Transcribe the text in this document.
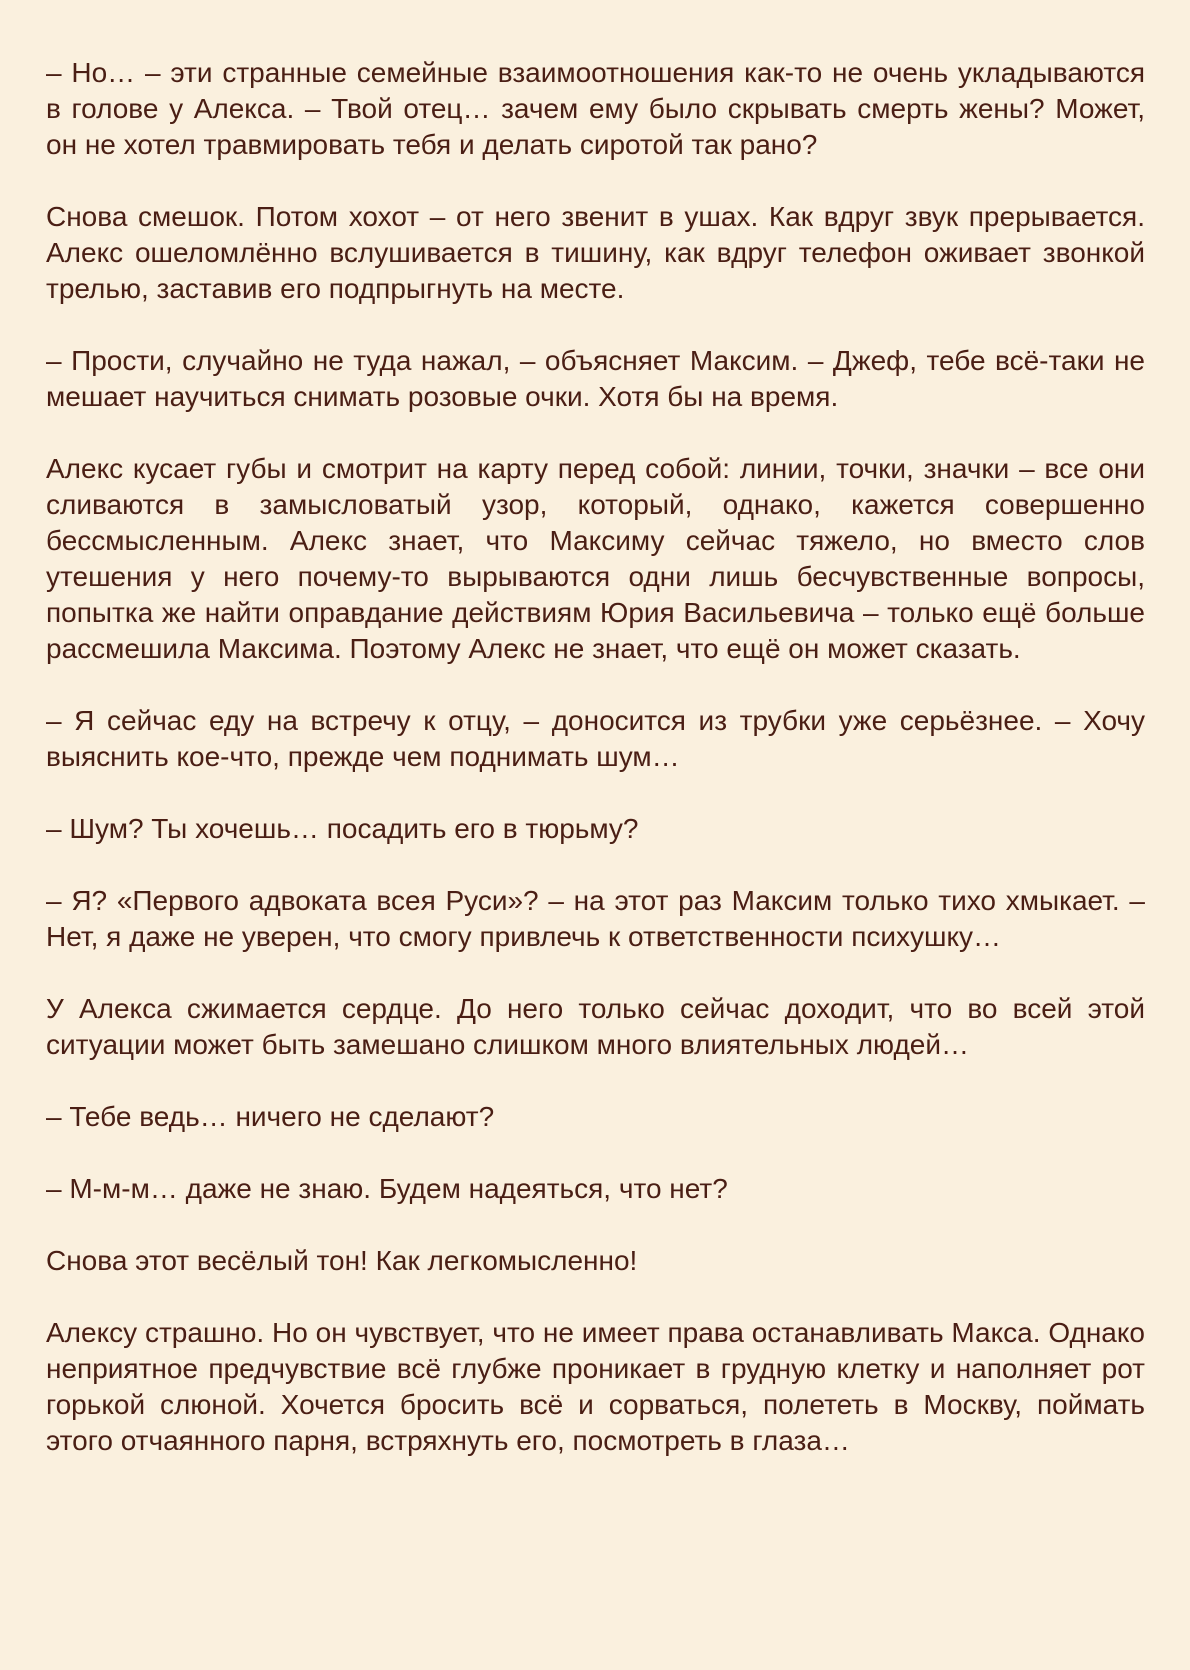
– Но… – эти странные семейные взаимоотношения как-то не очень укладываются в голове у Алекса. – Твой отец… зачем ему было скрывать смерть жены? Может, он не хотел травмировать тебя и делать сиротой так рано?

Снова смешок. Потом хохот – от него звенит в ушах. Как вдруг звук прерывается. Алекс ошеломлённо вслушивается в тишину, как вдруг телефон оживает звонкой трелью, заставив его подпрыгнуть на месте.

– Прости, случайно не туда нажал, – объясняет Максим. – Джеф, тебе всё-таки не мешает научиться снимать розовые очки. Хотя бы на время.

Алекс кусает губы и смотрит на карту перед собой: линии, точки, значки – все они сливаются в замысловатый узор, который, однако, кажется совершенно бессмысленным. Алекс знает, что Максиму сейчас тяжело, но вместо слов утешения у него почему-то вырываются одни лишь бесчувственные вопросы, попытка же найти оправдание действиям Юрия Васильевича – только ещё больше рассмешила Максима. Поэтому Алекс не знает, что ещё он может сказать.

– Я сейчас еду на встречу к отцу, – доносится из трубки уже серьёзнее. – Хочу выяснить кое-что, прежде чем поднимать шум…

– Шум? Ты хочешь… посадить его в тюрьму?

– Я? «Первого адвоката всея Руси»? – на этот раз Максим только тихо хмыкает. – Нет, я даже не уверен, что смогу привлечь к ответственности психушку…

У Алекса сжимается сердце. До него только сейчас доходит, что во всей этой ситуации может быть замешано слишком много влиятельных людей…

– Тебе ведь… ничего не сделают?

– М-м-м… даже не знаю. Будем надеяться, что нет?

Снова этот весёлый тон! Как легкомысленно!

Алексу страшно. Но он чувствует, что не имеет права останавливать Макса. Однако неприятное предчувствие всё глубже проникает в грудную клетку и наполняет рот горькой слюной. Хочется бросить всё и сорваться, полететь в Москву, поймать этого отчаянного парня, встряхнуть его, посмотреть в глаза…
